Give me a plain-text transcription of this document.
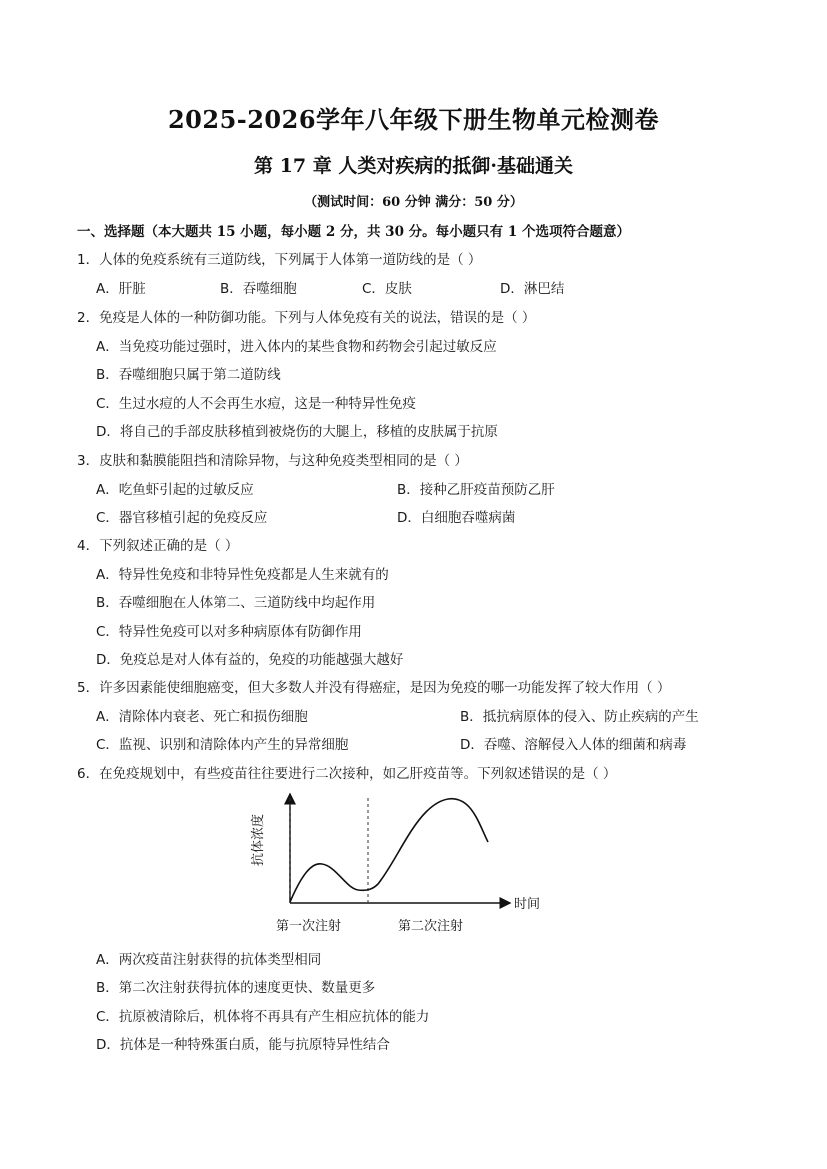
2025-2026学年八年级下册生物单元检测卷
第 17 章 人类对疾病的抵御·基础通关
（测试时间：60 分钟 满分：50 分）
一、选择题（本大题共 15 小题，每小题 2 分，共 30 分。每小题只有 1 个选项符合题意）
1．人体的免疫系统有三道防线，下列属于人体第一道防线的是（ ）
A．肝脏	B．吞噬细胞	C．皮肤	D．淋巴结
2．免疫是人体的一种防御功能。下列与人体免疫有关的说法，错误的是（ ）
A．当免疫功能过强时，进入体内的某些食物和药物会引起过敏反应
B．吞噬细胞只属于第二道防线
C．生过水痘的人不会再生水痘，这是一种特异性免疫
D．将自己的手部皮肤移植到被烧伤的大腿上，移植的皮肤属于抗原
3．皮肤和黏膜能阻挡和清除异物，与这种免疫类型相同的是（ ）
A．吃鱼虾引起的过敏反应	B．接种乙肝疫苗预防乙肝
C．器官移植引起的免疫反应	D．白细胞吞噬病菌
4．下列叙述正确的是（ ）
A．特异性免疫和非特异性免疫都是人生来就有的
B．吞噬细胞在人体第二、三道防线中均起作用
C．特异性免疫可以对多种病原体有防御作用
D．免疫总是对人体有益的，免疫的功能越强大越好
5．许多因素能使细胞癌变，但大多数人并没有得癌症，是因为免疫的哪一功能发挥了较大作用（ ）
A．清除体内衰老、死亡和损伤细胞	B．抵抗病原体的侵入、防止疾病的产生
C．监视、识别和清除体内产生的异常细胞	D．吞噬、溶解侵入人体的细菌和病毒
6．在免疫规划中，有些疫苗往往要进行二次接种，如乙肝疫苗等。下列叙述错误的是（ ）
抗体浓度
时间
第一次注射	第二次注射
A．两次疫苗注射获得的抗体类型相同
B．第二次注射获得抗体的速度更快、数量更多
C．抗原被清除后，机体将不再具有产生相应抗体的能力
D．抗体是一种特殊蛋白质，能与抗原特异性结合
